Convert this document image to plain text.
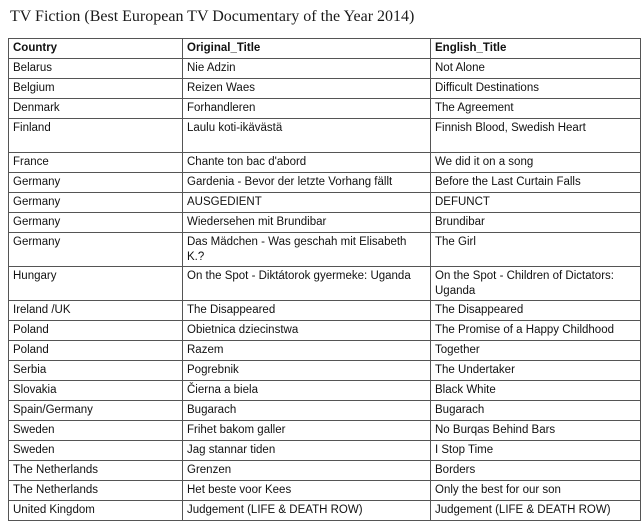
TV Fiction (Best European TV Documentary of the Year 2014)
Country	Original_Title	English_Title
Belarus	Nie Adzin	Not Alone
Belgium	Reizen Waes	Difficult Destinations
Denmark	Forhandleren	The Agreement
Finland	Laulu koti-ikävästä	Finnish Blood, Swedish Heart
France	Chante ton bac d'abord	We did it on a song
Germany	Gardenia - Bevor der letzte Vorhang fällt	Before the Last Curtain Falls
Germany	AUSGEDIENT	DEFUNCT
Germany	Wiedersehen mit Brundibar	Brundibar
Germany	Das Mädchen - Was geschah mit Elisabeth K.?	The Girl
Hungary	On the Spot - Diktátorok gyermeke: Uganda	On the Spot - Children of Dictators: Uganda
Ireland /UK	The Disappeared	The Disappeared
Poland	Obietnica dziecinstwa	The Promise of a Happy Childhood
Poland	Razem	Together
Serbia	Pogrebnik	The Undertaker
Slovakia	Čierna a biela	Black White
Spain/Germany	Bugarach	Bugarach
Sweden	Frihet bakom galler	No Burqas Behind Bars
Sweden	Jag stannar tiden	I Stop Time
The Netherlands	Grenzen	Borders
The Netherlands	Het beste voor Kees	Only the best for our son
United Kingdom	Judgement (LIFE & DEATH ROW)	Judgement (LIFE & DEATH ROW)
